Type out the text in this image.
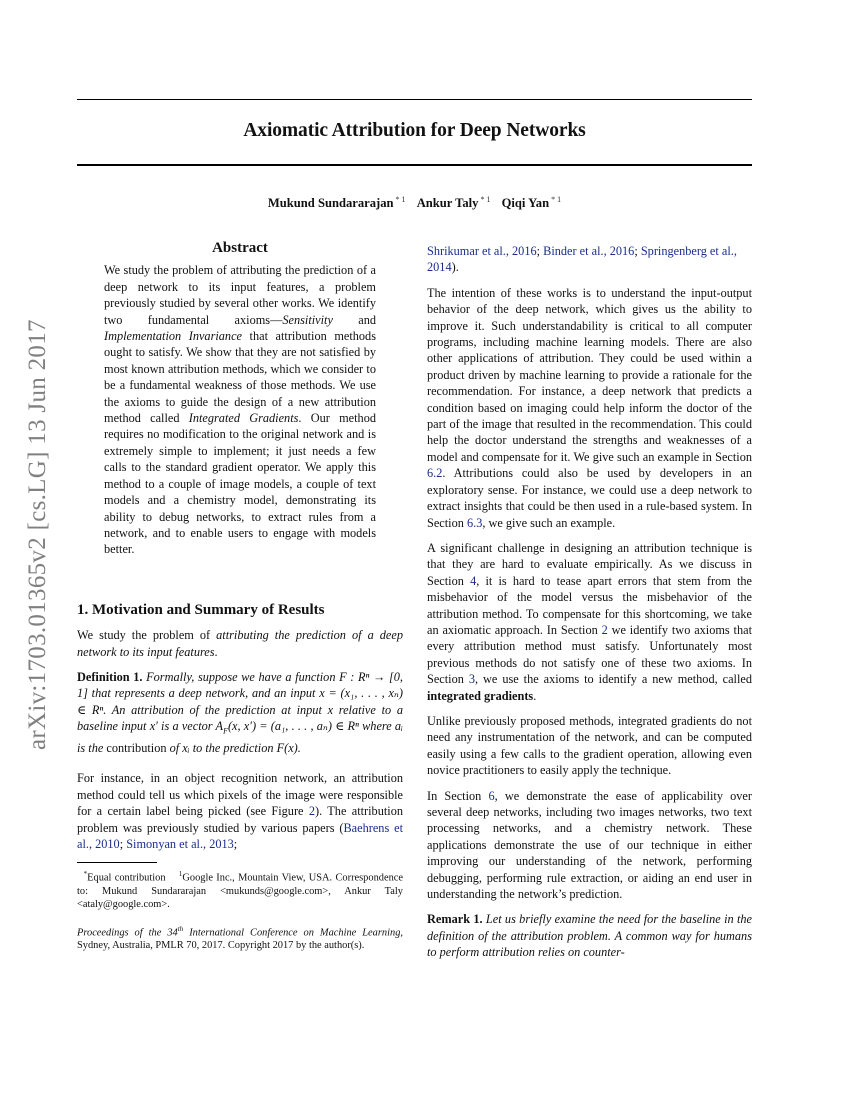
Axiomatic Attribution for Deep Networks
Mukund Sundararajan $^{* 1}$ Ankur Taly $^{* 1}$ Qiqi Yan $^{* 1}$
arXiv:1703.01365v2 [cs.LG] 13 Jun 2017
Abstract
We study the problem of attributing the prediction of a deep network to its input features, a problem previously studied by several other works. We identify two fundamental axioms—Sensitivity and Implementation Invariance that attribution methods ought to satisfy. We show that they are not satisfied by most known attribution methods, which we consider to be a fundamental weakness of those methods. We use the axioms to guide the design of a new attribution method called Integrated Gradients. Our method requires no modification to the original network and is extremely simple to implement; it just needs a few calls to the standard gradient operator. We apply this method to a couple of image models, a couple of text models and a chemistry model, demonstrating its ability to debug networks, to extract rules from a network, and to enable users to engage with models better.
1. Motivation and Summary of Results

We study the problem of attributing the prediction of a deep network to its input features.

Definition 1. Formally, suppose we have a function F : Rⁿ → [0, 1] that represents a deep network, and an input x = (x₁, . . . , xₙ) ∈ Rⁿ. An attribution of the prediction at input x relative to a baseline input x′ is a vector $A_F(x$, x′) = (a₁, . . . , aₙ) ∈ Rⁿ where aᵢ is the contribution of xᵢ to the prediction F(x).

For instance, in an object recognition network, an attribution method could tell us which pixels of the image were responsible for a certain label being picked (see Figure 2). The attribution problem was previously studied by various papers (Baehrens et al., 2010; Simonyan et al., 2013;

*Equal contribution    $^1$Google Inc., Mountain View, USA. Correspondence to: Mukund Sundararajan <mukunds@google.com>, Ankur Taly <ataly@google.com>.

Proceedings of the 34th International Conference on Machine Learning, Sydney, Australia, PMLR 70, 2017. Copyright 2017 by the author(s).

Shrikumar et al., 2016; Binder et al., 2016; Springenberg et al., 2014).

The intention of these works is to understand the input-output behavior of the deep network, which gives us the ability to improve it. Such understandability is critical to all computer programs, including machine learning models. There are also other applications of attribution. They could be used within a product driven by machine learning to provide a rationale for the recommendation. For instance, a deep network that predicts a condition based on imaging could help inform the doctor of the part of the image that resulted in the recommendation. This could help the doctor understand the strengths and weaknesses of a model and compensate for it. We give such an example in Section 6.2. Attributions could also be used by developers in an exploratory sense. For instance, we could use a deep network to extract insights that could be then used in a rule-based system. In Section 6.3, we give such an example.

A significant challenge in designing an attribution technique is that they are hard to evaluate empirically. As we discuss in Section 4, it is hard to tease apart errors that stem from the misbehavior of the model versus the misbehavior of the attribution method. To compensate for this shortcoming, we take an axiomatic approach. In Section 2 we identify two axioms that every attribution method must satisfy. Unfortunately most previous methods do not satisfy one of these two axioms. In Section 3, we use the axioms to identify a new method, called integrated gradients.

Unlike previously proposed methods, integrated gradients do not need any instrumentation of the network, and can be computed easily using a few calls to the gradient operation, allowing even novice practitioners to easily apply the technique.

In Section 6, we demonstrate the ease of applicability over several deep networks, including two images networks, two text processing networks, and a chemistry network. These applications demonstrate the use of our technique in either improving our understanding of the network, performing debugging, performing rule extraction, or aiding an end user in understanding the network’s prediction.

Remark 1. Let us briefly examine the need for the baseline in the definition of the attribution problem. A common way for humans to perform attribution relies on counter-
